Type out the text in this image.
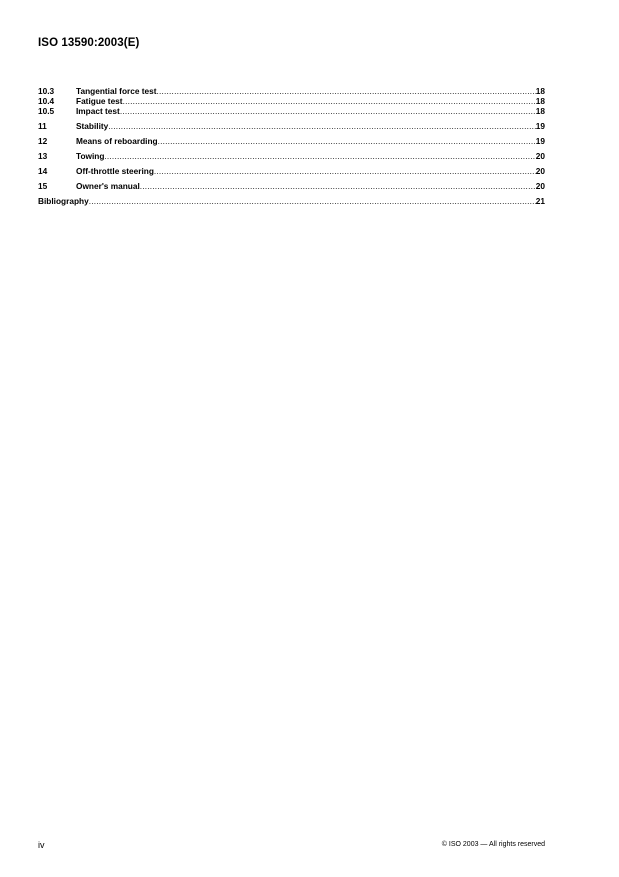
ISO 13590:2003(E)
10.3	Tangential force test .....	18
10.4	Fatigue test .....	18
10.5	Impact test .....	18
11	Stability .....	19
12	Means of reboarding .....	19
13	Towing .....	20
14	Off-throttle steering .....	20
15	Owner's manual .....	20
Bibliography .....	21
iv	© ISO 2003 — All rights reserved
